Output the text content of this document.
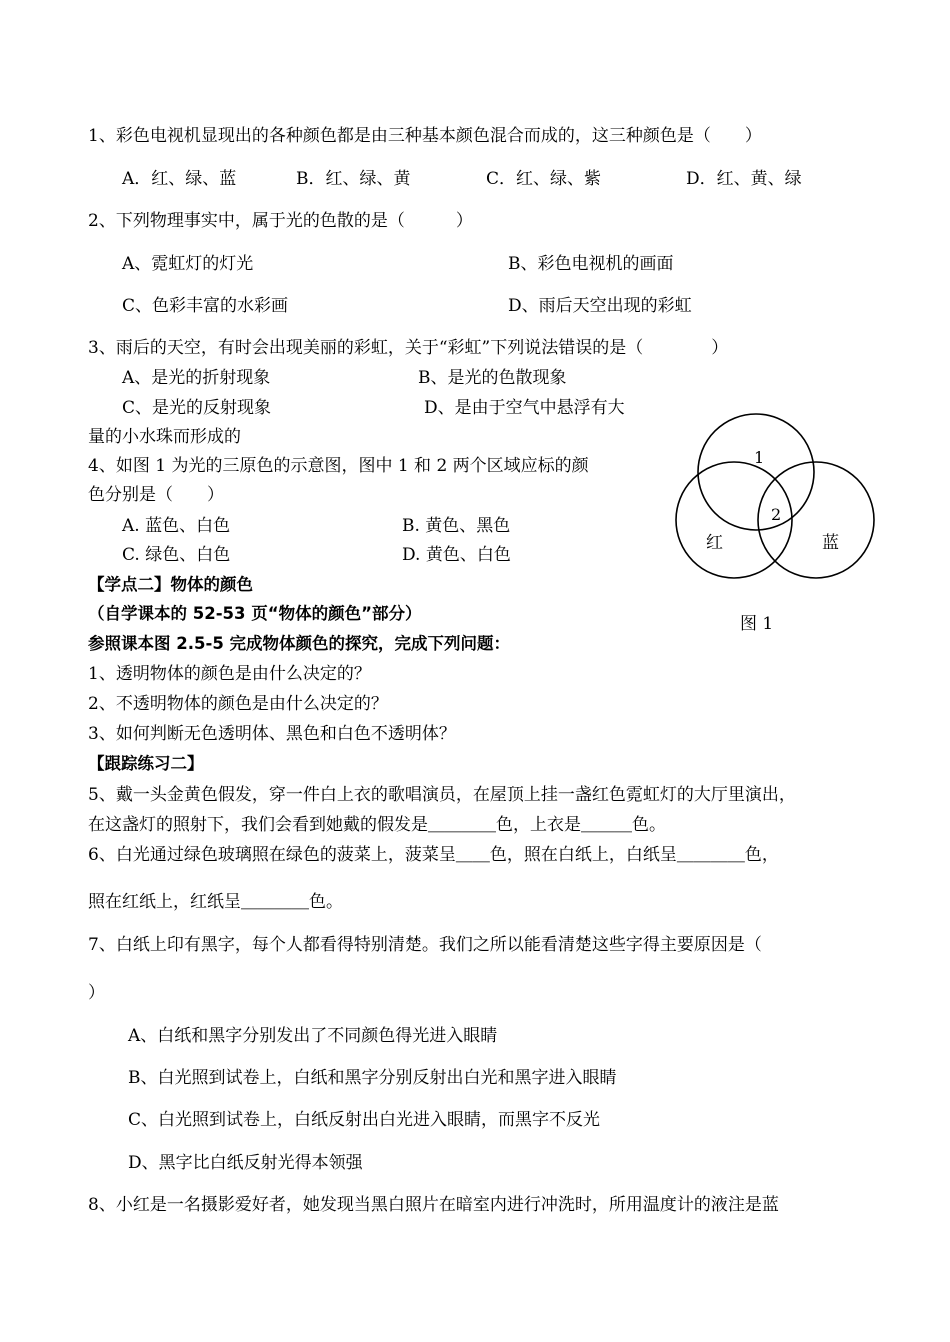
1、彩色电视机显现出的各种颜色都是由三种基本颜色混合而成的，这三种颜色是（　　）
A．红、绿、蓝	B．红、绿、黄	C．红、绿、紫	D．红、黄、绿
2、下列物理事实中，属于光的色散的是（　　　）
A、霓虹灯的灯光	B、彩色电视机的画面
C、色彩丰富的水彩画	D、雨后天空出现的彩虹
3、雨后的天空，有时会出现美丽的彩虹，关于“彩虹”下列说法错误的是（　　　　）
A、是光的折射现象	B、是光的色散现象
C、是光的反射现象	D、是由于空气中悬浮有大
量的小水珠而形成的
4、如图 1 为光的三原色的示意图，图中 1 和 2 两个区域应标的颜
色分别是（　　）
A. 蓝色、白色	B. 黄色、黑色
C. 绿色、白色	D. 黄色、白色
1
2
红	蓝
图 1
【学点二】物体的颜色
（自学课本的 52-53 页“物体的颜色”部分）
参照课本图 2.5-5 完成物体颜色的探究，完成下列问题：
1、透明物体的颜色是由什么决定的？
2、不透明物体的颜色是由什么决定的？
3、如何判断无色透明体、黑色和白色不透明体？
【跟踪练习二】
5、戴一头金黄色假发，穿一件白上衣的歌唱演员，在屋顶上挂一盏红色霓虹灯的大厅里演出，
在这盏灯的照射下，我们会看到她戴的假发是＿＿＿＿色，上衣是＿＿＿色。
6、白光通过绿色玻璃照在绿色的菠菜上，菠菜呈＿＿色，照在白纸上，白纸呈＿＿＿＿色，
照在红纸上，红纸呈＿＿＿＿色。
7、白纸上印有黑字，每个人都看得特别清楚。我们之所以能看清楚这些字得主要原因是（
）
A、白纸和黑字分别发出了不同颜色得光进入眼睛
B、白光照到试卷上，白纸和黑字分别反射出白光和黑字进入眼睛
C、白光照到试卷上，白纸反射出白光进入眼睛，而黑字不反光
D、黑字比白纸反射光得本领强
8、小红是一名摄影爱好者，她发现当黑白照片在暗室内进行冲洗时，所用温度计的液注是蓝
